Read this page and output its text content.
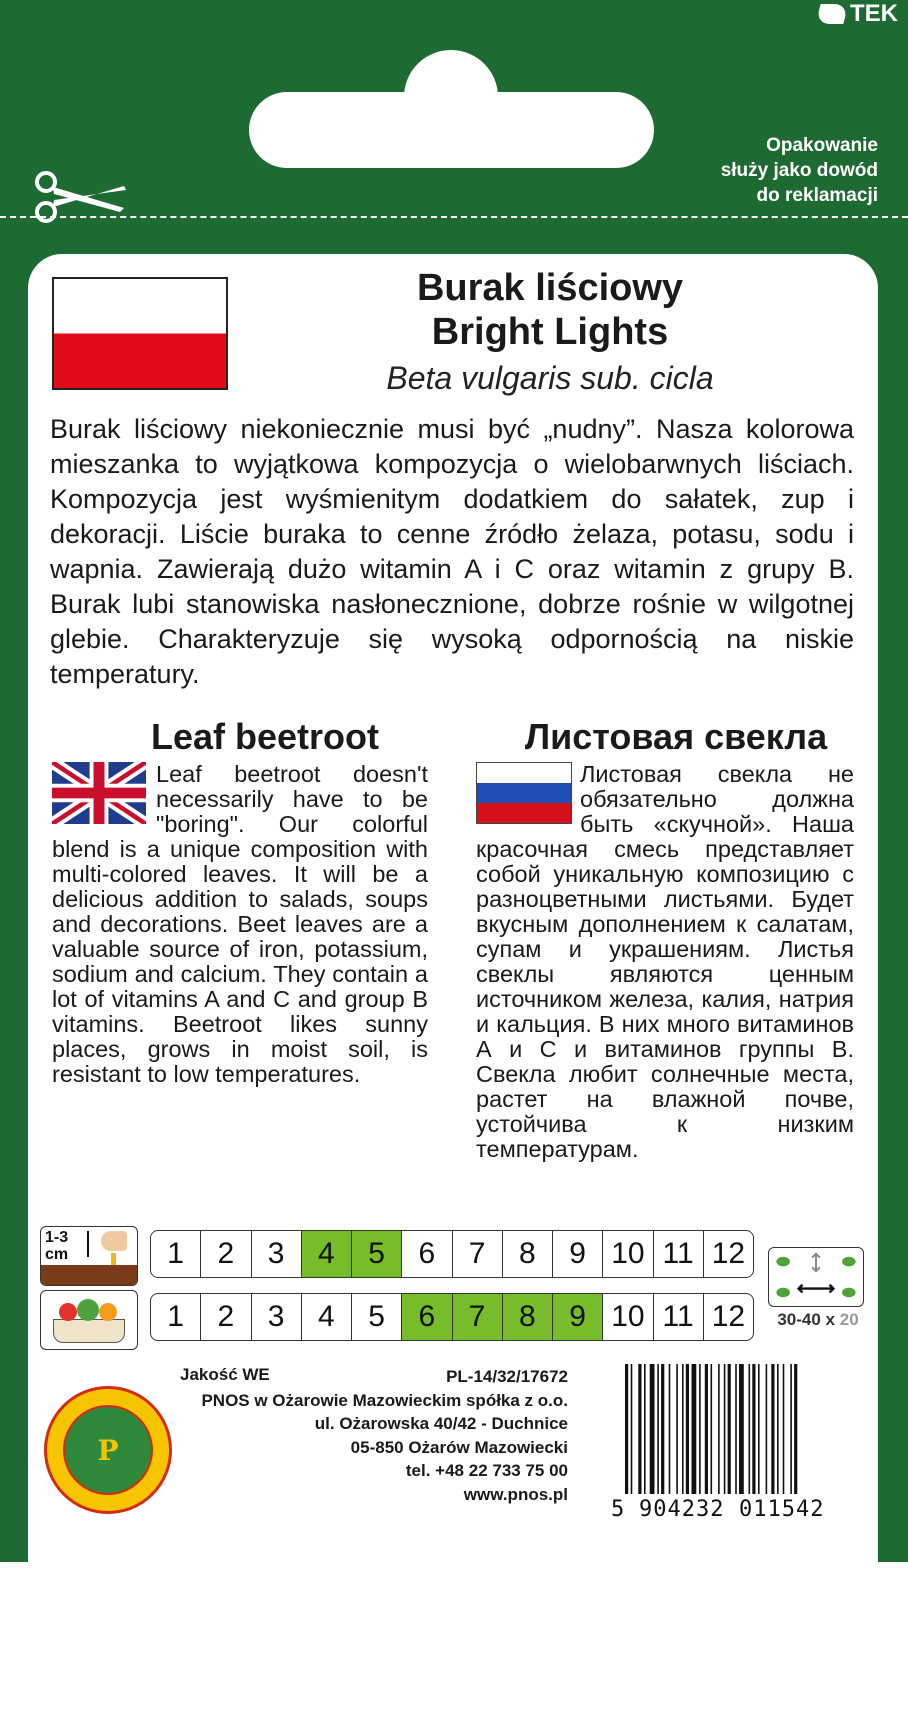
TEK
Opakowanie
służy jako dowód
do reklamacji
Burak liściowy
Bright Lights
Beta vulgaris sub. cicla
Burak liściowy niekoniecznie musi być „nudny”. Nasza kolorowa mieszanka to wyjątkowa kompozycja o wielobarwnych liściach. Kompozycja jest wyśmienitym dodatkiem do sałatek, zup i dekoracji. Liście buraka to cenne źródło żelaza, potasu, sodu i wapnia. Zawierają dużo witamin A i C oraz witamin z grupy B. Burak lubi stanowiska nasłonecznione, dobrze rośnie w wilgotnej glebie. Charakteryzuje się wysoką odpornością na niskie temperatury.
Leaf beetroot	Листовая свекла
Leaf beetroot doesn't necessarily have to be "boring". Our colorful blend is a unique composition with multi-colored leaves. It will be a delicious addition to salads, soups and decorations. Beet leaves are a valuable source of iron, potassium, sodium and calcium. They contain a lot of vitamins A and C and group B vitamins. Beetroot likes sunny places, grows in moist soil, is resistant to low temperatures.
Листовая свекла не обязательно должна быть «скучной». Наша красочная смесь представляет собой уникальную композицию с разноцветными листьями. Будет вкусным дополнением к салатам, супам и украшениям. Листья свеклы являются ценным источником железа, калия, натрия и кальция. В них много витаминов А и С и витаминов группы В. Свекла любит солнечные места, растет на влажной почве, устойчива к низким температурам.
1-3
cm	1	2	3	4	5	6	7	8	9 10 11 12
1	2	3	4	5	6	7	8	9 10 11 12	30-40 x 20
P
Jakość WE	PL-14/32/17672
PNOS w Ożarowie Mazowieckim spółka z o.o.
ul. Ożarowska 40/42 - Duchnice
05-850 Ożarów Mazowiecki
tel. +48 22 733 75 00
www.pnos.pl
5 904232 011542
